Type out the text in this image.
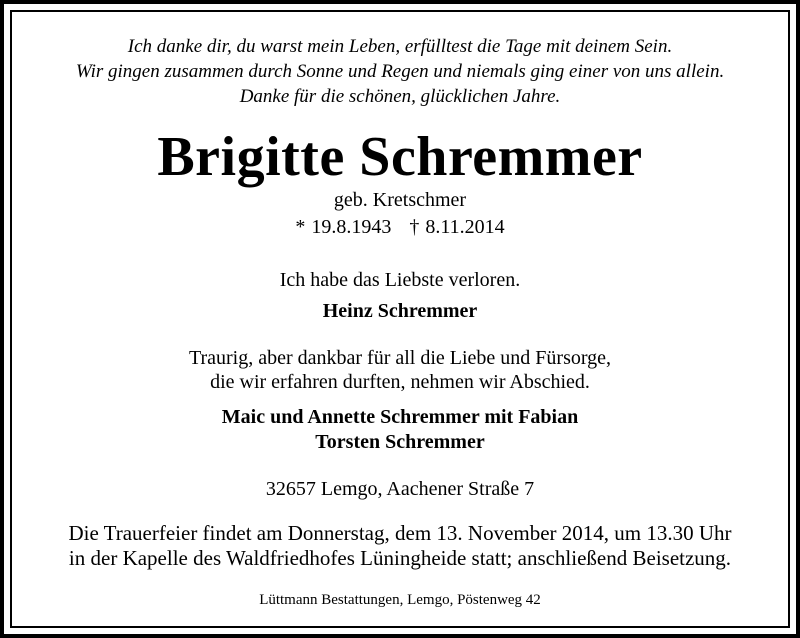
Ich danke dir, du warst mein Leben, erfülltest die Tage mit deinem Sein.
Wir gingen zusammen durch Sonne und Regen und niemals ging einer von uns allein.
Danke für die schönen, glücklichen Jahre.
Brigitte Schremmer
geb. Kretschmer
* 19.8.1943 † 8.11.2014
Ich habe das Liebste verloren.
Heinz Schremmer
Traurig, aber dankbar für all die Liebe und Fürsorge,
die wir erfahren durften, nehmen wir Abschied.
Maic und Annette Schremmer mit Fabian
Torsten Schremmer
32657 Lemgo, Aachener Straße 7
Die Trauerfeier findet am Donnerstag, dem 13. November 2014, um 13.30 Uhr
in der Kapelle des Waldfriedhofes Lüningheide statt; anschließend Beisetzung.
Lüttmann Bestattungen, Lemgo, Pöstenweg 42
